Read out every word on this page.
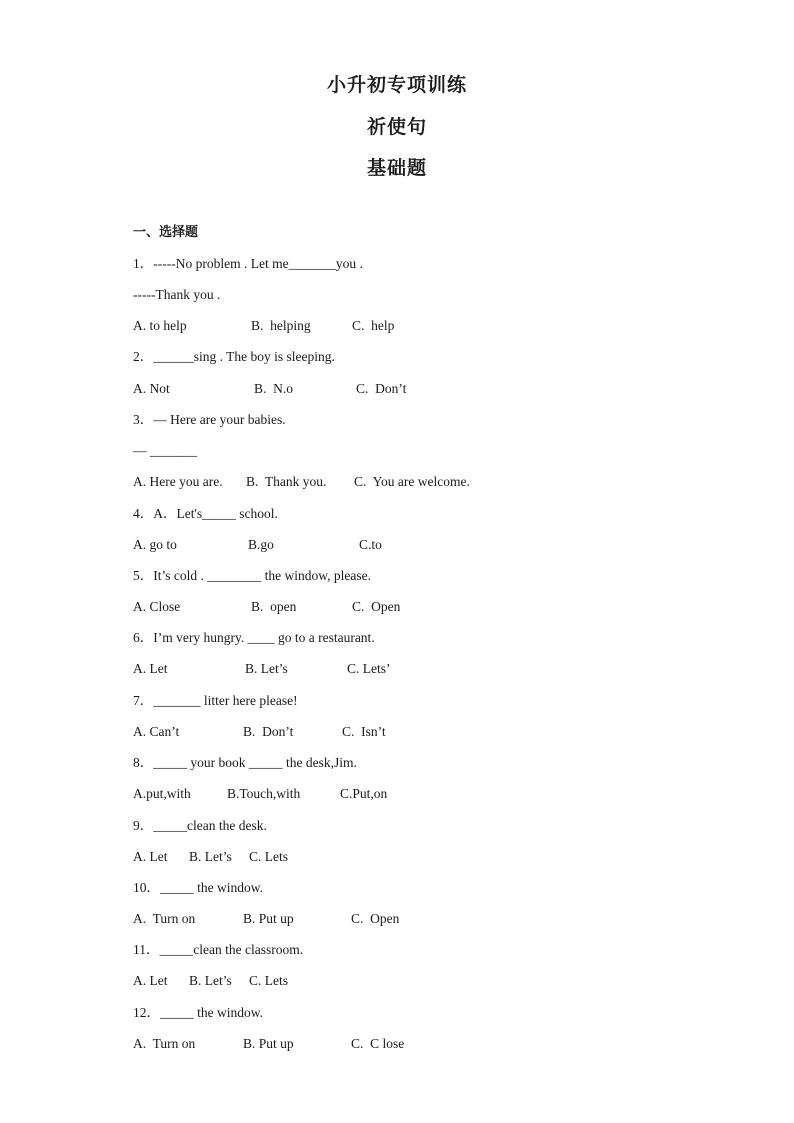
小升初专项训练
祈使句
基础题
一、选择题
1．-----No problem . Let me_______you .
-----Thank you .

A. to help

	B.  helping

	C.  help

2．______sing . The boy is sleeping.

A. Not

	B.  N.o

	C.  Don’t

3．— Here are your babies.
— _______

A. Here you are.

B.  Thank you.

C.  You are welcome.

4．A．Let's_____ school.

A. go to

	B.go

	C.to

5．It’s cold . ________ the window, please.

A. Close

	B.  open

	C.  Open

6．I’m very hungry. ____ go to a restaurant.

A. Let

	B. Let’s

	C. Lets’

7．_______ litter here please!

A. Can’t

	B.  Don’t

	C.  Isn’t

8．_____ your book _____ the desk,Jim.

A.put,with

	B.Touch,with

	C.Put,on

9．_____clean the desk.

A. Let

B. Let’s

C. Lets

10．_____ the window.

A.  Turn on

	B. Put up

	C.  Open

11．_____clean the classroom.

A. Let

B. Let’s

C. Lets

12．_____ the window.

A.  Turn on

	B. Put up

	C.  C lose
